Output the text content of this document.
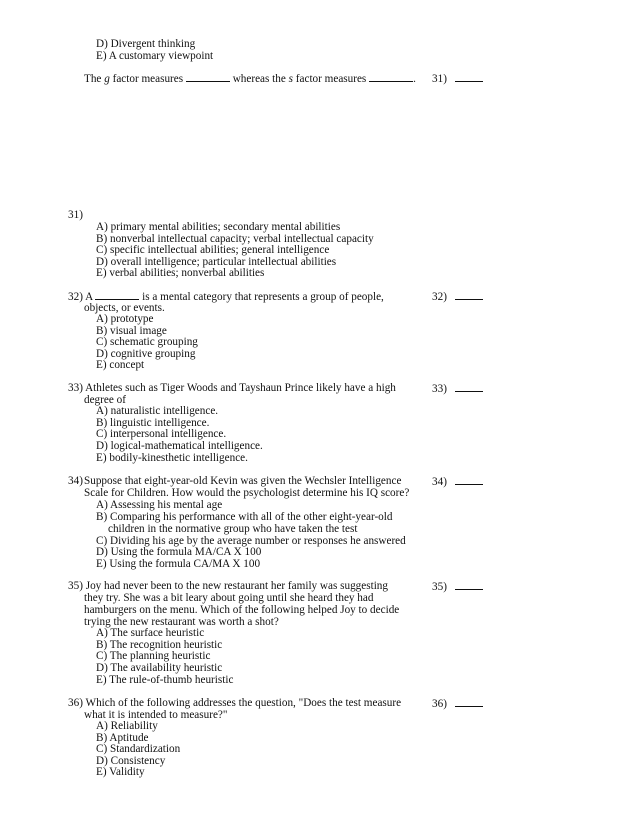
D) Divergent thinking
E) A customary viewpoint
The g factor measures	whereas the s factor measures	. 31)
31)
A) primary mental abilities; secondary mental abilities
B) nonverbal intellectual capacity; verbal intellectual capacity
C) specific intellectual abilities; general intelligence
D) overall intelligence; particular intellectual abilities
E) verbal abilities; nonverbal abilities
32) A	is a mental category that represents a group of people,
objects, or events.
32)
A) prototype
B) visual image
C) schematic grouping
D) cognitive grouping
E) concept
33) Athletes such as Tiger Woods and Tayshaun Prince likely have a high
degree of
33)
A) naturalistic intelligence.
B) linguistic intelligence.
C) interpersonal intelligence.
D) logical-mathematical intelligence.
E) bodily-kinesthetic intelligence.
34) Suppose that eight-year-old Kevin was given the Wechsler Intelligence
Scale for Children. How would the psychologist determine his IQ score?
34)
A) Assessing his mental age
B) Comparing his performance with all of the other eight-year-old
children in the normative group who have taken the test
C) Dividing his age by the average number or responses he answered
D) Using the formula MA/CA X 100
E) Using the formula CA/MA X 100
35) Joy had never been to the new restaurant her family was suggesting
they try. She was a bit leary about going until she heard they had
hamburgers on the menu. Which of the following helped Joy to decide
trying the new restaurant was worth a shot?
35)
A) The surface heuristic
B) The recognition heuristic
C) The planning heuristic
D) The availability heuristic
E) The rule-of-thumb heuristic
36) Which of the following addresses the question, "Does the test measure
what it is intended to measure?"
36)
A) Reliability
B) Aptitude
C) Standardization
D) Consistency
E) Validity
